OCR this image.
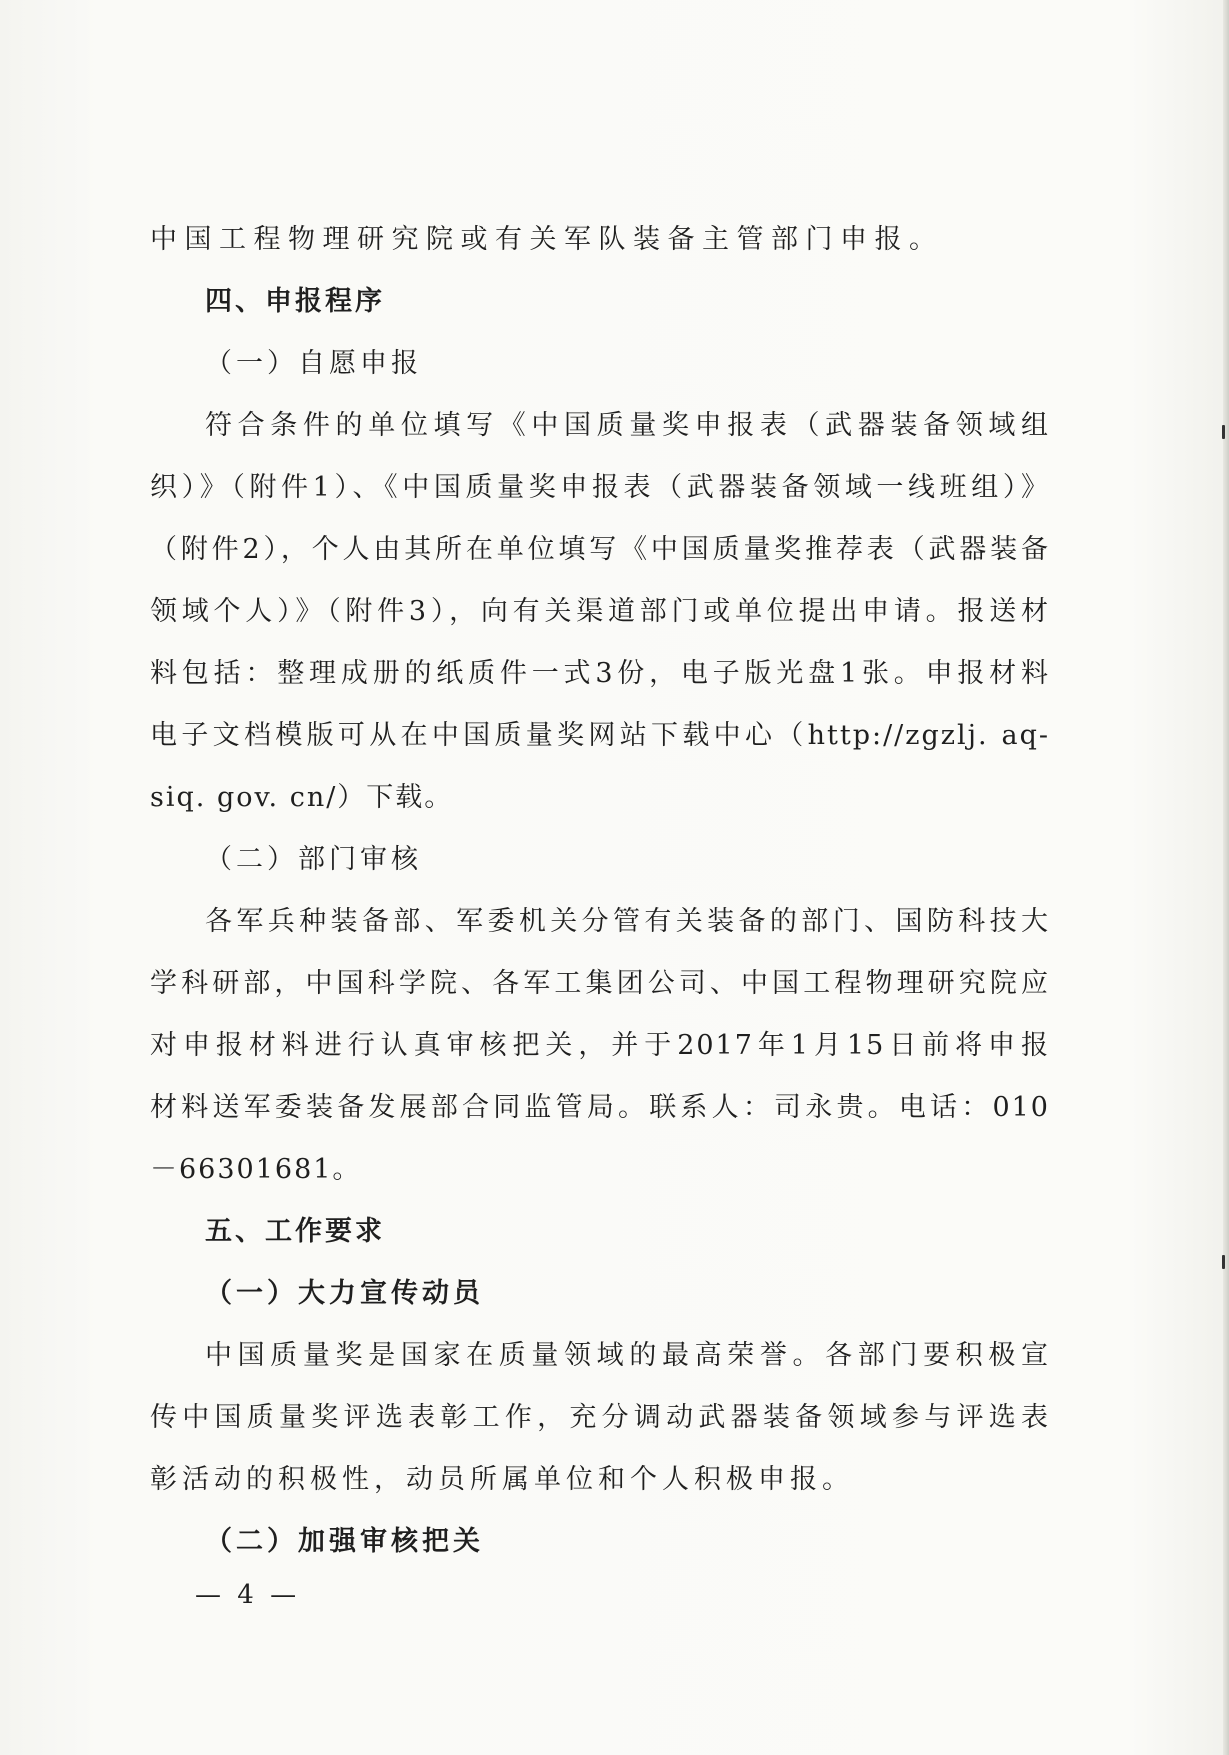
中国工程物理研究院或有关军队装备主管部门申报。
四、申报程序
（一）自愿申报
符合条件的单位填写《中国质量奖申报表（武器装备领域组
织）》（附件1）、《中国质量奖申报表（武器装备领域一线班组）》
（附件2），个人由其所在单位填写《中国质量奖推荐表（武器装备
领域个人）》（附件3），向有关渠道部门或单位提出申请。报送材
料包括：整理成册的纸质件一式3份，电子版光盘1张。申报材料
电子文档模版可从在中国质量奖网站下载中心（http://zgzlj. aq-
siq. gov. cn/）下载。
（二）部门审核
各军兵种装备部、军委机关分管有关装备的部门、国防科技大
学科研部，中国科学院、各军工集团公司、中国工程物理研究院应
对申报材料进行认真审核把关，并于2017年1月15日前将申报
材料送军委装备发展部合同监管局。联系人：司永贵。电话：010
－66301681。
五、工作要求
（一）大力宣传动员
中国质量奖是国家在质量领域的最高荣誉。各部门要积极宣
传中国质量奖评选表彰工作，充分调动武器装备领域参与评选表
彰活动的积极性，动员所属单位和个人积极申报。
（二）加强审核把关
— 4 —
